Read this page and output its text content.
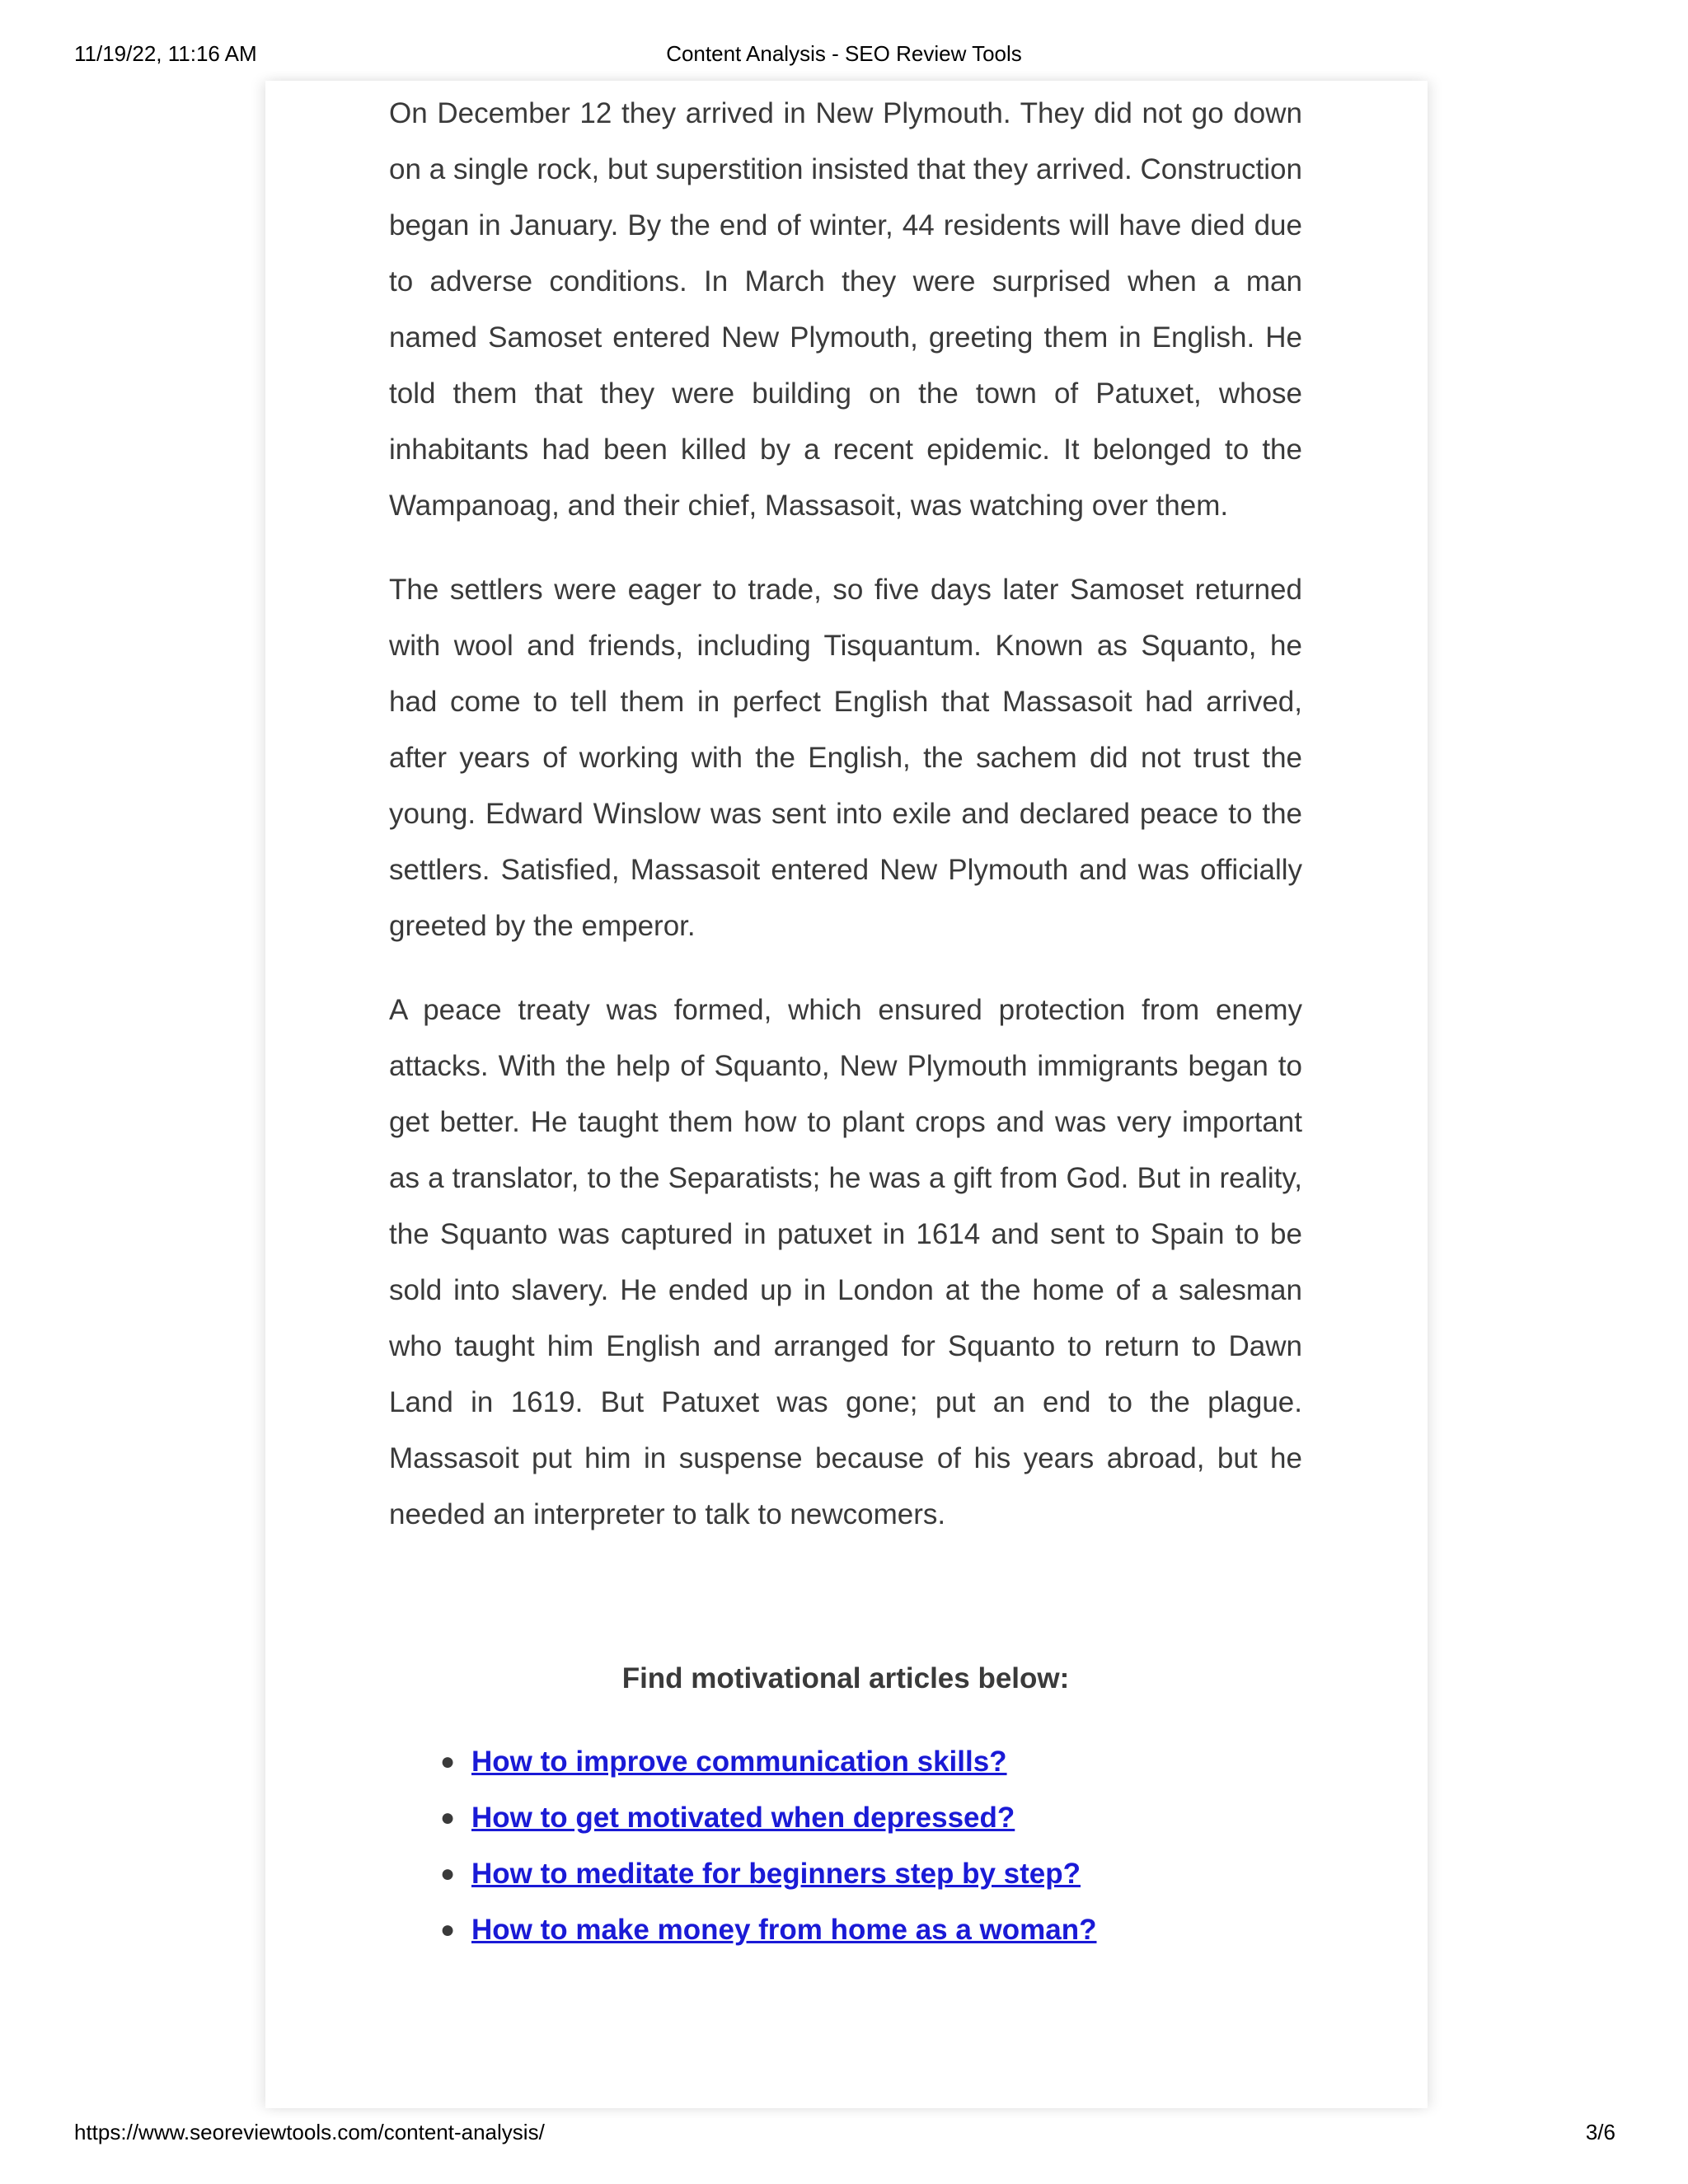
11/19/22, 11:16 AM	Content Analysis - SEO Review Tools

On December 12 they arrived in New Plymouth. They did not go down on a single rock, but superstition insisted that they arrived. Construction began in January. By the end of winter, 44 residents will have died due to adverse conditions. In March they were surprised when a man named Samoset entered New Plymouth, greeting them in English. He told them that they were building on the town of Patuxet, whose inhabitants had been killed by a recent epidemic. It belonged to the Wampanoag, and their chief, Massasoit, was watching over them.

The settlers were eager to trade, so five days later Samoset returned with wool and friends, including Tisquantum. Known as Squanto, he had come to tell them in perfect English that Massasoit had arrived, after years of working with the English, the sachem did not trust the young. Edward Winslow was sent into exile and declared peace to the settlers. Satisfied, Massasoit entered New Plymouth and was officially greeted by the emperor.

A peace treaty was formed, which ensured protection from enemy attacks. With the help of Squanto, New Plymouth immigrants began to get better. He taught them how to plant crops and was very important as a translator, to the Separatists; he was a gift from God. But in reality, the Squanto was captured in patuxet in 1614 and sent to Spain to be sold into slavery. He ended up in London at the home of a salesman who taught him English and arranged for Squanto to return to Dawn Land in 1619. But Patuxet was gone; put an end to the plague. Massasoit put him in suspense because of his years abroad, but he needed an interpreter to talk to newcomers.

Find motivational articles below:
● How to improve communication skills?
● How to get motivated when depressed?
● How to meditate for beginners step by step?
● How to make money from home as a woman?
https://www.seoreviewtools.com/content-analysis/	3/6
